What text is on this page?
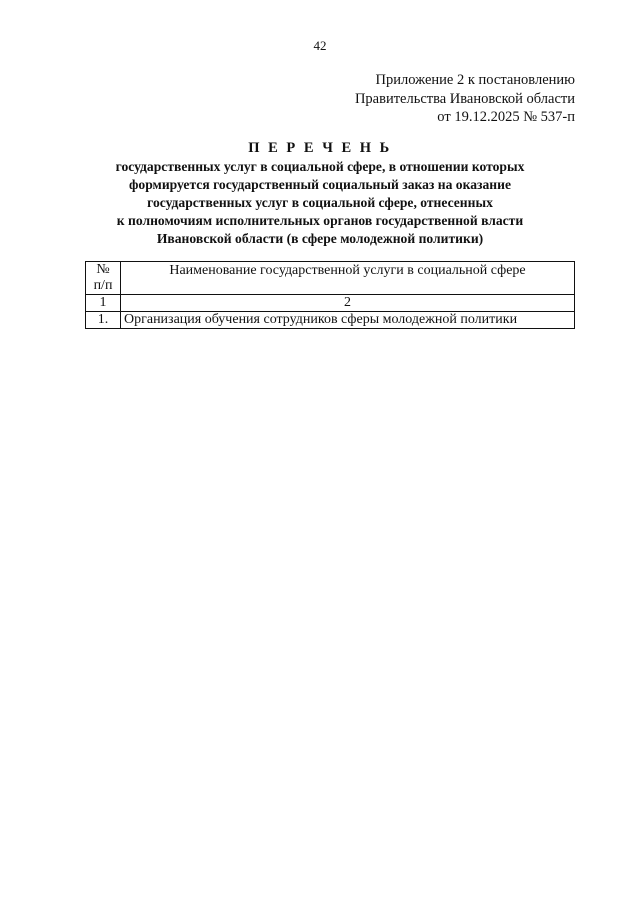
42
Приложение 2 к постановлению
Правительства Ивановской области
от 19.12.2025 № 537-п
П Е Р Е Ч Е Н Ь
государственных услуг в социальной сфере, в отношении которых
формируется государственный социальный заказ на оказание
государственных услуг в социальной сфере, отнесенных
к полномочиям исполнительных органов государственной власти
Ивановской области (в сфере молодежной политики)
№
п/п	Наименование государственной услуги в социальной сфере
1	2
1.	Организация обучения сотрудников сферы молодежной политики
